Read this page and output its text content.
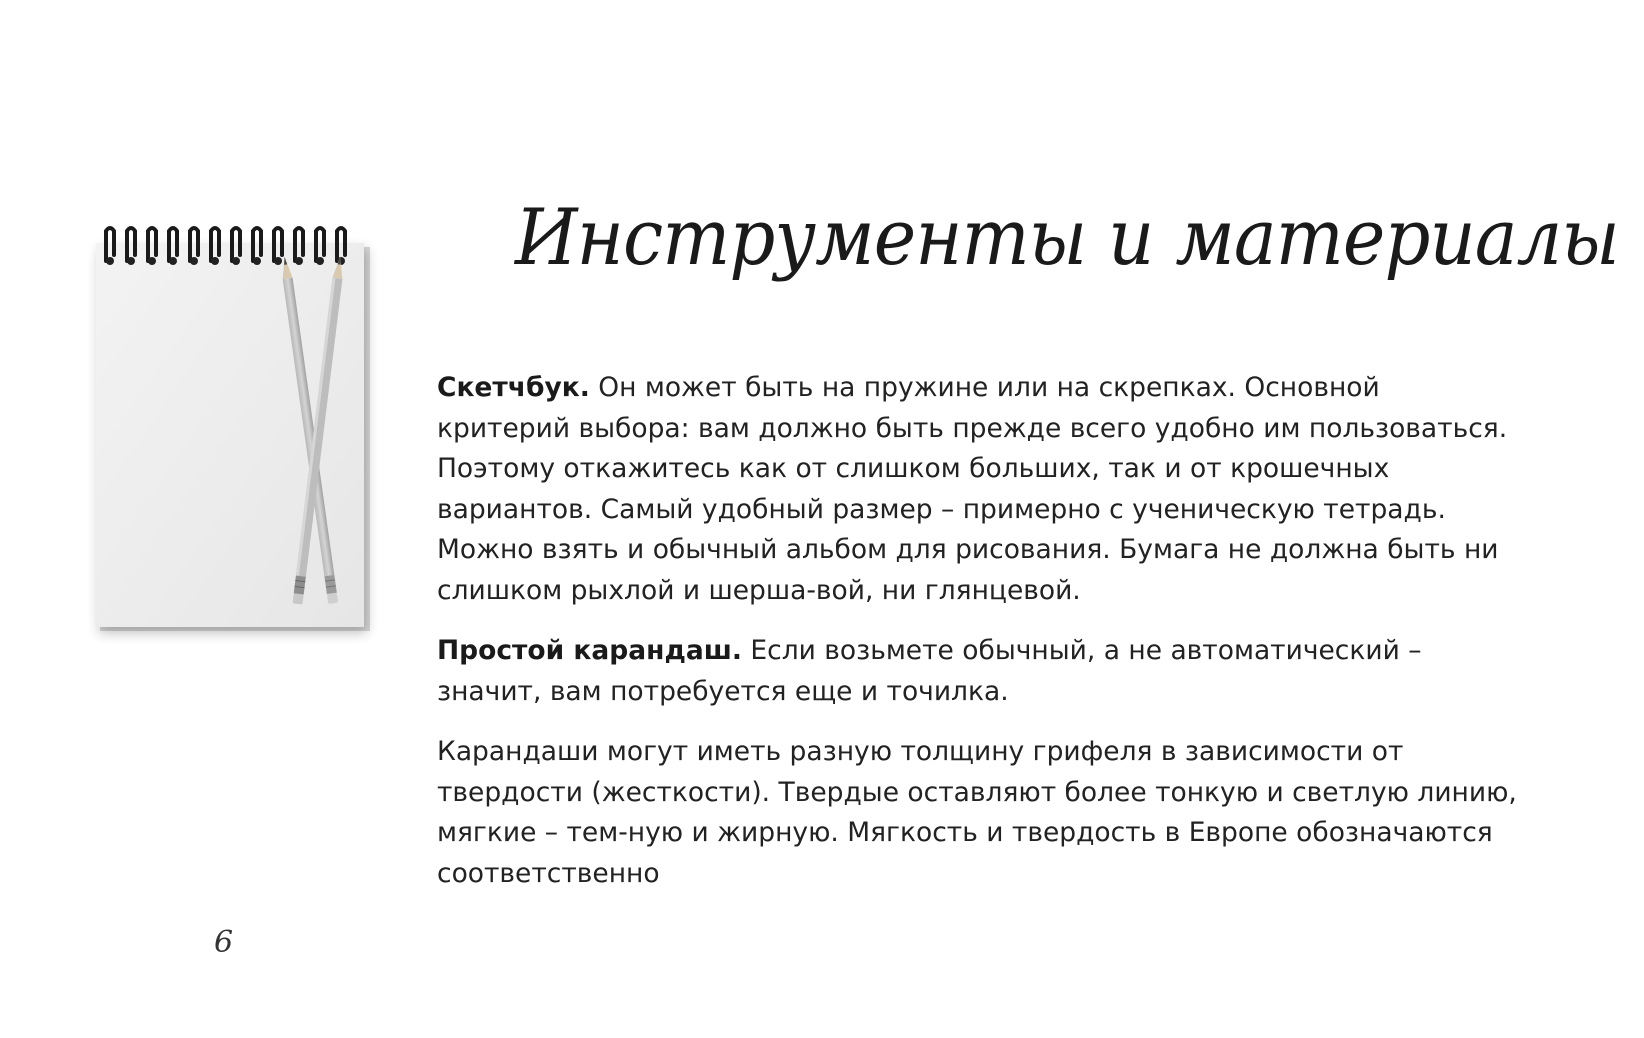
Инструменты и материалы

Скетчбук. Он может быть на пружине или на скрепках. Основной критерий выбора: вам должно быть прежде всего удобно им пользоваться. Поэтому откажитесь как от слишком больших, так и от крошечных вариантов. Самый удобный размер – примерно с ученическую тетрадь. Можно взять и обычный альбом для рисования. Бумага не должна быть ни слишком рыхлой и шерша-вой, ни глянцевой.

Простой карандаш. Если возьмете обычный, а не автоматический – значит, вам потребуется еще и точилка.

Карандаши могут иметь разную толщину грифеля в зависимости от твердости (жесткости). Твердые оставляют более тонкую и светлую линию, мягкие – тем-ную и жирную. Мягкость и твердость в Европе обозначаются соответственно

6
